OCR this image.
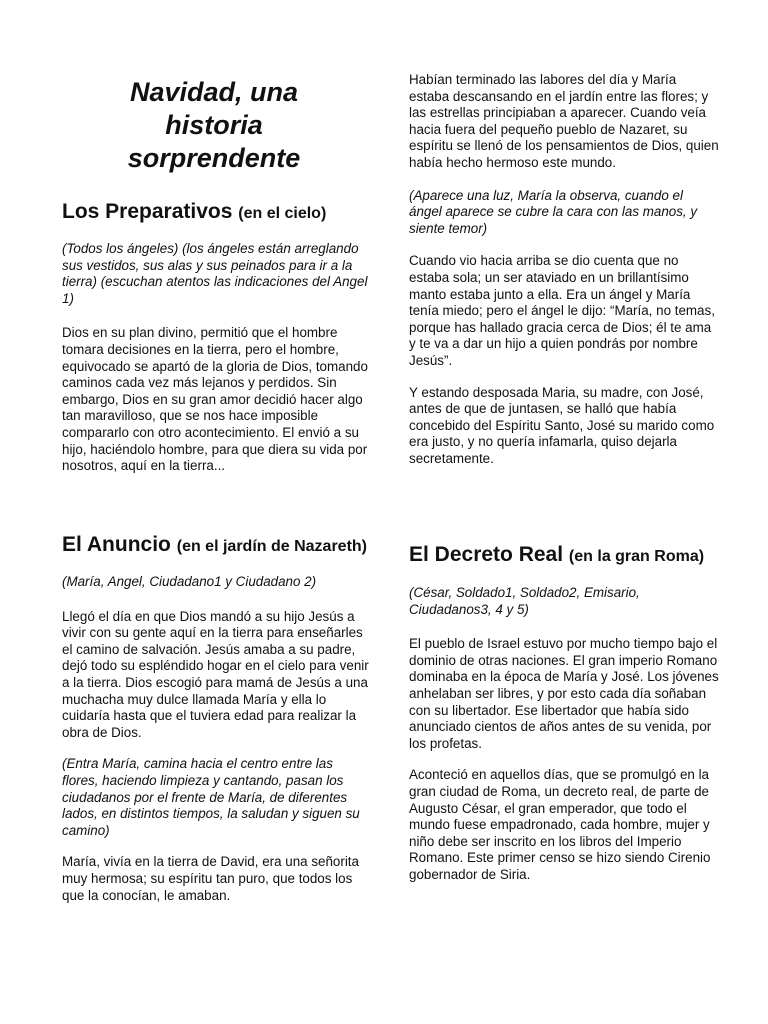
Navidad, una
historia
sorprendente
Los Preparativos (en el cielo)

(Todos los ángeles) (los ángeles están arreglando sus vestidos, sus alas y sus peinados para ir a la tierra) (escuchan atentos las indicaciones del Angel 1)

Dios en su plan divino, permitió que el hombre tomara decisiones en la tierra, pero el hombre, equivocado se apartó de la gloria de Dios, tomando caminos cada vez más lejanos y perdidos. Sin embargo, Dios en su gran amor decidió hacer algo tan maravilloso, que se nos hace imposible compararlo con otro acontecimiento. El envió a su hijo, haciéndolo hombre, para que diera su vida por nosotros, aquí en la tierra...

El Anuncio (en el jardín de Nazareth)

(María, Angel, Ciudadano1 y Ciudadano 2)

Llegó el día en que Dios mandó a su hijo Jesús a vivir con su gente aquí en la tierra para enseñarles el camino de salvación. Jesús amaba a su padre, dejó todo su espléndido hogar en el cielo para venir a la tierra. Dios escogió para mamá de Jesús a una muchacha muy dulce llamada María y ella lo cuidaría hasta que el tuviera edad para realizar la obra de Dios.

(Entra María, camina hacia el centro entre las flores, haciendo limpieza y cantando, pasan los ciudadanos por el frente de María, de diferentes lados, en distintos tiempos, la saludan y siguen su camino)

María, vivía en la tierra de David, era una señorita muy hermosa; su espíritu tan puro, que todos los que la conocían, le amaban.

Habían terminado las labores del día y María estaba descansando en el jardín entre las flores; y las estrellas principiaban a aparecer. Cuando veía hacia fuera del pequeño pueblo de Nazaret, su espíritu se llenó de los pensamientos de Dios, quien había hecho hermoso este mundo.

(Aparece una luz, María la observa, cuando el ángel aparece se cubre la cara con las manos, y siente temor)

Cuando vio hacia arriba se dio cuenta que no estaba sola; un ser ataviado en un brillantísimo manto estaba junto a ella. Era un ángel y María tenía miedo; pero el ángel le dijo: “María, no temas, porque has hallado gracia cerca de Dios; él te ama y te va a dar un hijo a quien pondrás por nombre Jesús”.

Y estando desposada Maria, su madre, con José, antes de que de juntasen, se halló que había concebido del Espíritu Santo, José su marido como era justo, y no quería infamarla, quiso dejarla secretamente.

El Decreto Real (en la gran Roma)

(César, Soldado1, Soldado2, Emisario, Ciudadanos3, 4 y 5)

El pueblo de Israel estuvo por mucho tiempo bajo el dominio de otras naciones. El gran imperio Romano dominaba en la época de María y José. Los jóvenes anhelaban ser libres, y por esto cada día soñaban con su libertador. Ese libertador que había sido anunciado cientos de años antes de su venida, por los profetas.

Aconteció en aquellos días, que se promulgó en la gran ciudad de Roma, un decreto real, de parte de Augusto César, el gran emperador, que todo el mundo fuese empadronado, cada hombre, mujer y niño debe ser inscrito en los libros del Imperio Romano. Este primer censo se hizo siendo Cirenio gobernador de Siria.
